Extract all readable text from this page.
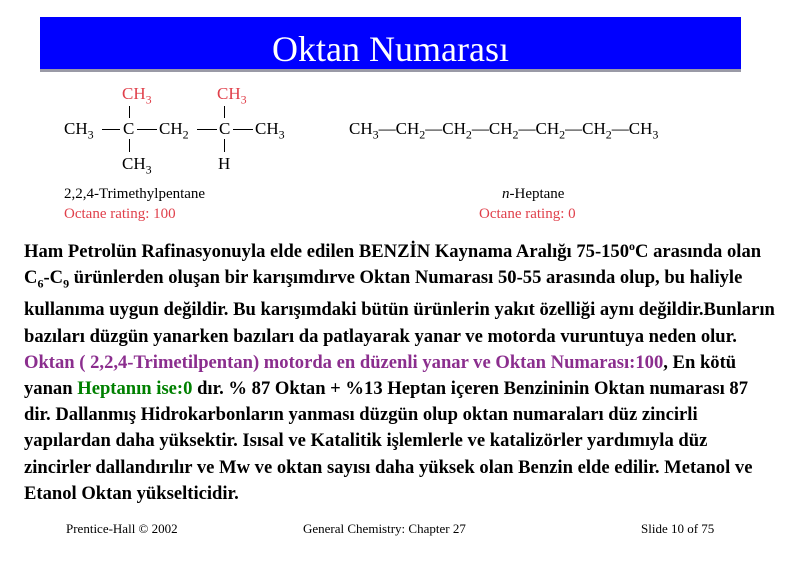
Oktan Numarası
$CH_3$	$CH_3$
$CH_3$ C $CH_2$ C $CH_3$
$CH_3$	H
2,2,4-Trimethylpentane
Octane rating: 100
$CH_3—CH_2—CH_2—CH_2—CH_2—CH_2—CH_3$
n-Heptane
Octane rating: 0
Ham Petrolün Rafinasyonuyla elde edilen BENZİN Kaynama Aralığı 75-150$^o$C arasında olan $C_6-C_9$ ürünlerden oluşan bir karışımdırve Oktan Numarası 50-55 arasında olup, bu haliyle kullanıma uygun değildir. Bu karışımdaki bütün ürünlerin yakıt özelliği aynı değildir.Bunların bazıları düzgün yanarken bazıları da patlayarak yanar ve motorda vuruntuya neden olur. Oktan ( 2,2,4-Trimetilpentan) motorda en düzenli yanar ve Oktan Numarası:100, En kötü yanan Heptanın ise:0 dır. % 87 Oktan + %13 Heptan içeren Benzininin Oktan numarası 87 dir. Dallanmış Hidrokarbonların yanması düzgün olup oktan numaraları düz zincirli yapılardan daha yüksektir. Isısal ve Katalitik işlemlerle ve katalizörler yardımıyla düz zincirler dallandırılır ve Mw ve oktan sayısı daha yüksek olan Benzin elde edilir. Metanol ve Etanol Oktan yükselticidir.
Prentice-Hall © 2002	General Chemistry: Chapter 27	Slide 10 of 75
